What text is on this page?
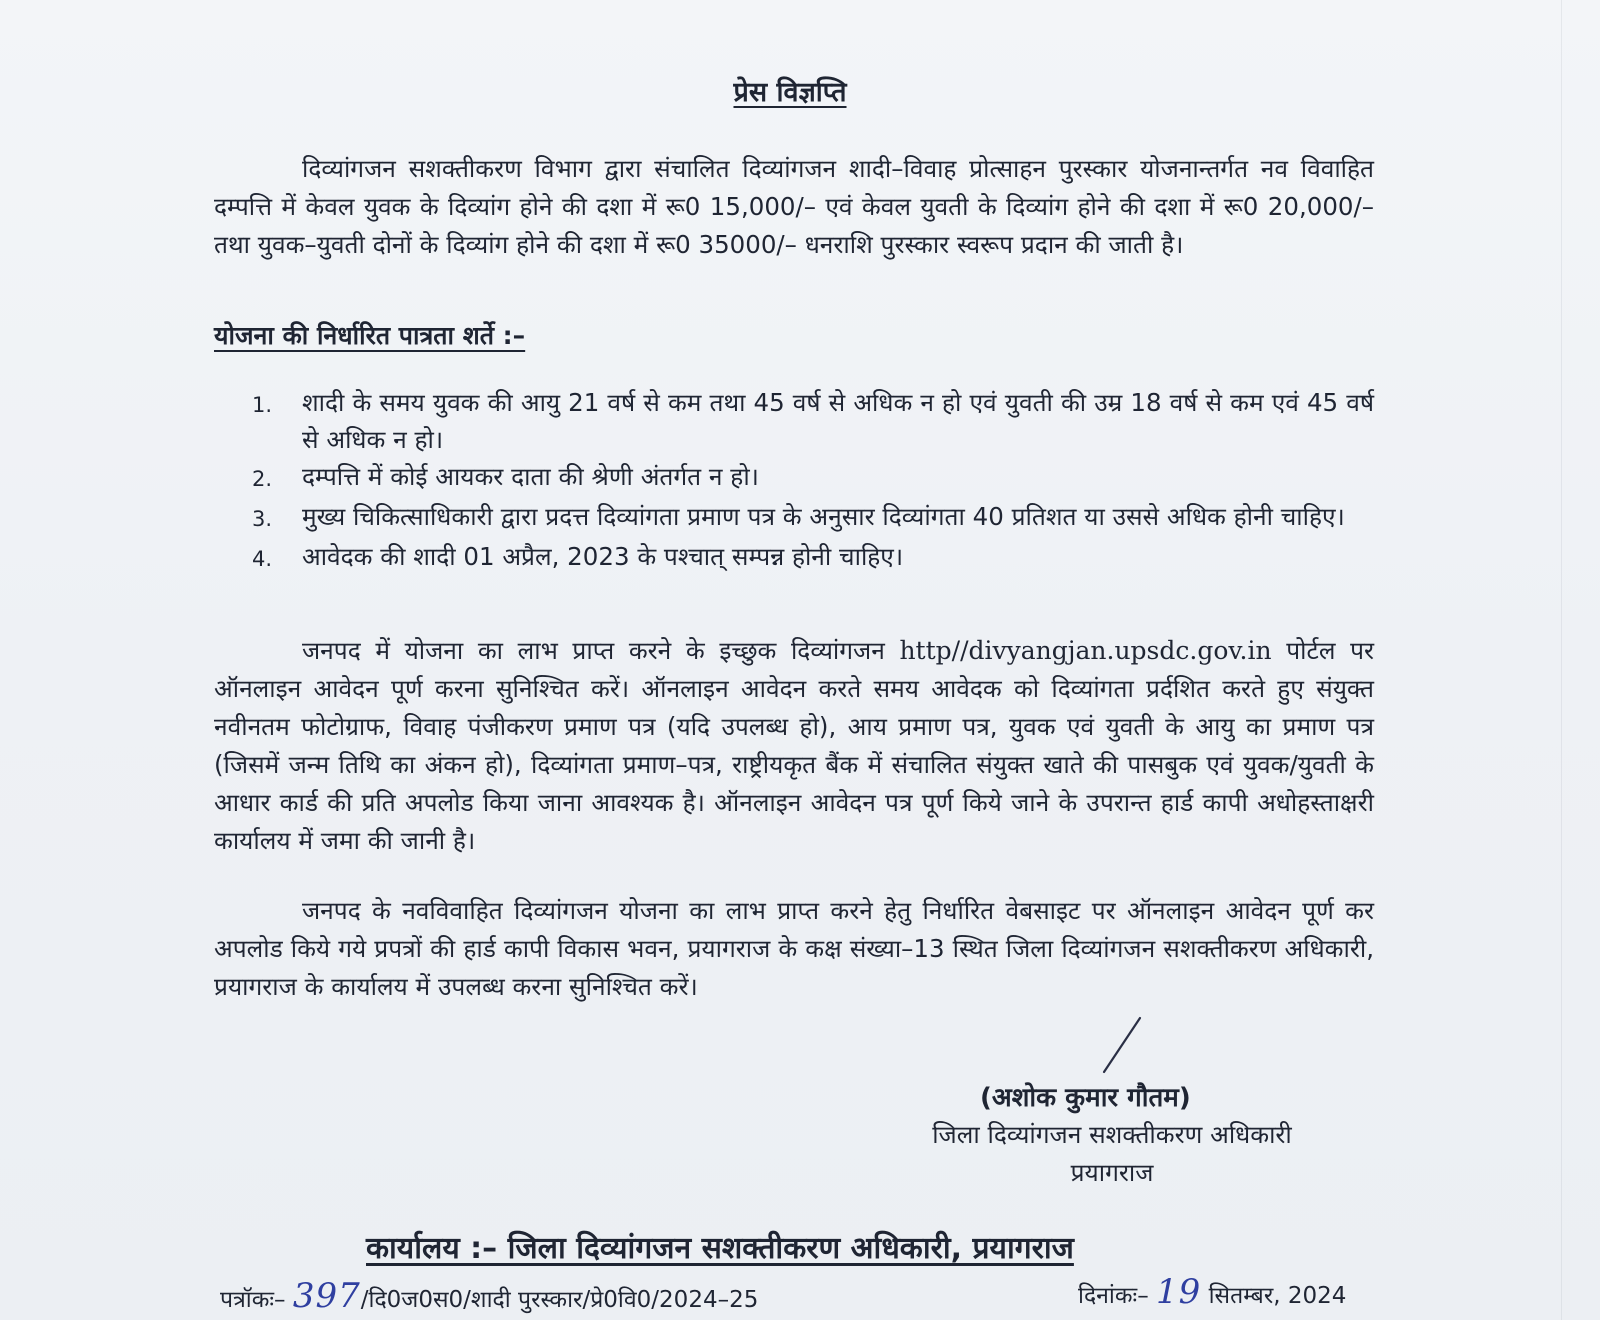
प्रेस विज्ञप्ति

दिव्यांगजन सशक्तीकरण विभाग द्वारा संचालित दिव्यांगजन शादी–विवाह प्रोत्साहन पुरस्कार योजनान्तर्गत नव विवाहित दम्पत्ति में केवल युवक के दिव्यांग होने की दशा में रू0 15,000/– एवं केवल युवती के दिव्यांग होने की दशा में रू0 20,000/– तथा युवक–युवती दोनों के दिव्यांग होने की दशा में रू0 35000/– धनराशि पुरस्कार स्वरूप प्रदान की जाती है।

योजना की निर्धारित पात्रता शर्ते :–
1.	शादी के समय युवक की आयु 21 वर्ष से कम तथा 45 वर्ष से अधिक न हो एवं युवती की उम्र 18 वर्ष से कम एवं 45 वर्ष से अधिक न हो।
2.	दम्पत्ति में कोई आयकर दाता की श्रेणी अंतर्गत न हो।
3.	मुख्य चिकित्साधिकारी द्वारा प्रदत्त दिव्यांगता प्रमाण पत्र के अनुसार दिव्यांगता 40 प्रतिशत या उससे अधिक होनी चाहिए।
4.	आवेदक की शादी 01 अप्रैल, 2023 के पश्चात् सम्पन्न होनी चाहिए।

जनपद में योजना का लाभ प्राप्त करने के इच्छुक दिव्यांगजन http//divyangjan.upsdc.gov.in पोर्टल पर ऑनलाइन आवेदन पूर्ण करना सुनिश्चित करें। ऑनलाइन आवेदन करते समय आवेदक को दिव्यांगता प्रर्दशित करते हुए संयुक्त नवीनतम फोटोग्राफ, विवाह पंजीकरण प्रमाण पत्र (यदि उपलब्ध हो), आय प्रमाण पत्र, युवक एवं युवती के आयु का प्रमाण पत्र (जिसमें जन्म तिथि का अंकन हो), दिव्यांगता प्रमाण–पत्र, राष्ट्रीयकृत बैंक में संचालित संयुक्त खाते की पासबुक एवं युवक/युवती के आधार कार्ड की प्रति अपलोड किया जाना आवश्यक है। ऑनलाइन आवेदन पत्र पूर्ण किये जाने के उपरान्त हार्ड कापी अधोहस्ताक्षरी कार्यालय में जमा की जानी है।

जनपद के नवविवाहित दिव्यांगजन योजना का लाभ प्राप्त करने हेतु निर्धारित वेबसाइट पर ऑनलाइन आवेदन पूर्ण कर अपलोड किये गये प्रपत्रों की हार्ड कापी विकास भवन, प्रयागराज के कक्ष संख्या–13 स्थित जिला दिव्यांगजन सशक्तीकरण अधिकारी, प्रयागराज के कार्यालय में उपलब्ध करना सुनिश्चित करें।

(अशोक कुमार गौतम)
जिला दिव्यांगजन सशक्तीकरण अधिकारी
प्रयागराज
कार्यालय :– जिला दिव्यांगजन सशक्तीकरण अधिकारी, प्रयागराज
पत्रॉकः– 397/दि0ज0स0/शादी पुरस्कार/प्रे0वि0/2024–25	दिनांकः– 19 सितम्बर, 2024
